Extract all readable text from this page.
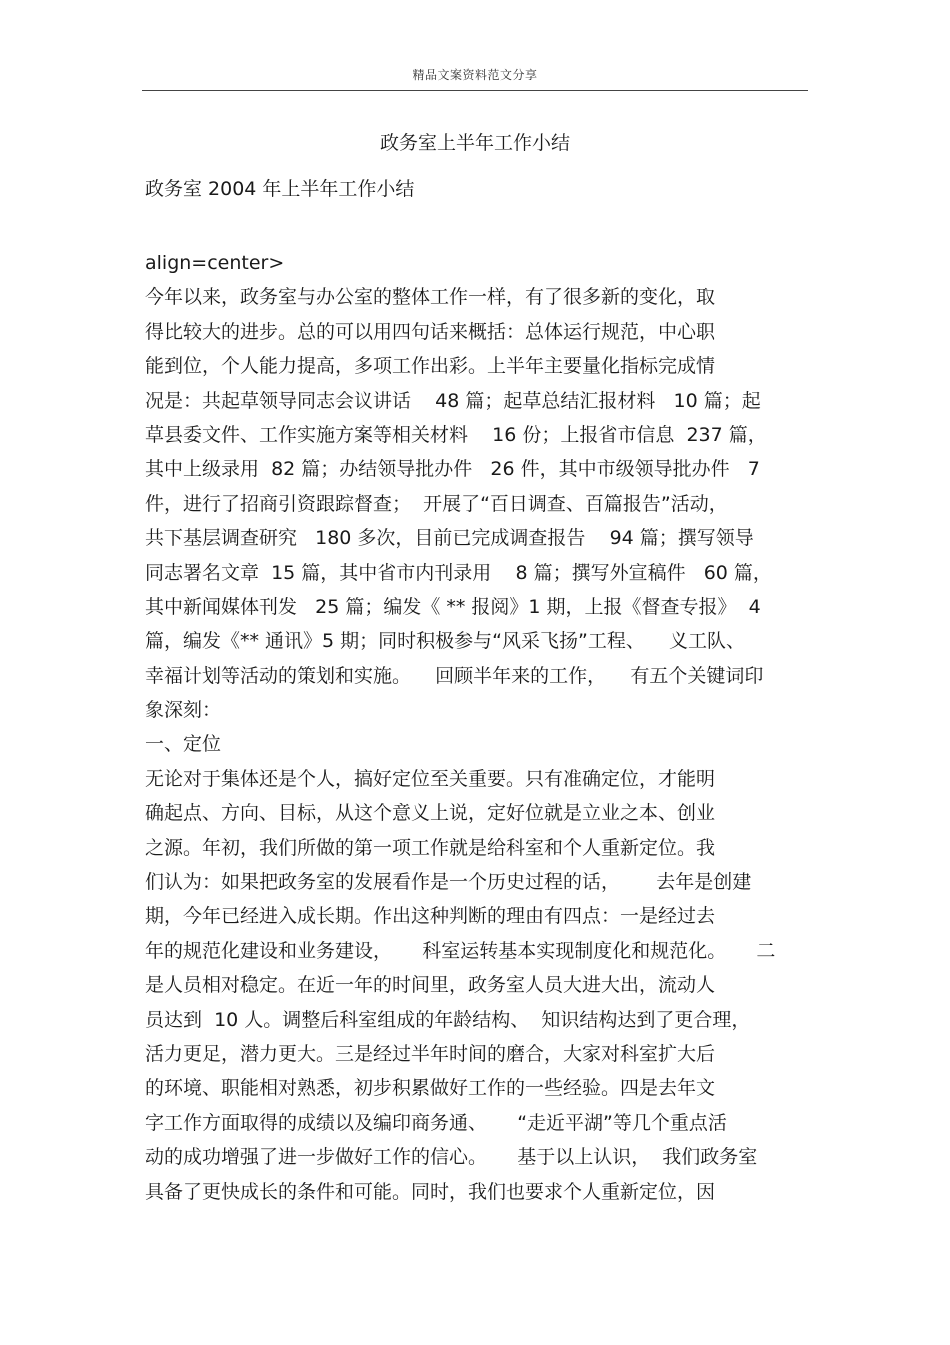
精品文案资料范文分享
政务室上半年工作小结
政务室 2004 年上半年工作小结
align=center>
今年以来，政务室与办公室的整体工作一样，有了很多新的变化，取
得比较大的进步。总的可以用四句话来概括：总体运行规范，中心职
能到位，个人能力提高，多项工作出彩。上半年主要量化指标完成情
况是：共起草领导同志会议讲话    48 篇；起草总结汇报材料   10 篇；起
草县委文件、工作实施方案等相关材料    16 份；上报省市信息  237 篇，
其中上级录用  82 篇；办结领导批办件   26 件，其中市级领导批办件   7
件，进行了招商引资跟踪督查；  开展了“百日调查、百篇报告”活动，
共下基层调查研究   180 多次，目前已完成调查报告    94 篇；撰写领导
同志署名文章  15 篇，其中省市内刊录用    8 篇；撰写外宣稿件   60 篇，
其中新闻媒体刊发   25 篇；编发《 ** 报阅》1 期，上报《督查专报》  4
篇，编发《** 通讯》5 期；同时积极参与“风采飞扬”工程、    义工队、
幸福计划等活动的策划和实施。    回顾半年来的工作，    有五个关键词印
象深刻：
一、定位
无论对于集体还是个人，搞好定位至关重要。只有准确定位，才能明
确起点、方向、目标，从这个意义上说，定好位就是立业之本、创业
之源。年初，我们所做的第一项工作就是给科室和个人重新定位。我
们认为：如果把政务室的发展看作是一个历史过程的话，      去年是创建
期，今年已经进入成长期。作出这种判断的理由有四点：一是经过去
年的规范化建设和业务建设，     科室运转基本实现制度化和规范化。     二
是人员相对稳定。在近一年的时间里，政务室人员大进大出，流动人
员达到  10 人。调整后科室组成的年龄结构、  知识结构达到了更合理，
活力更足，潜力更大。三是经过半年时间的磨合，大家对科室扩大后
的环境、职能相对熟悉，初步积累做好工作的一些经验。四是去年文
字工作方面取得的成绩以及编印商务通、     “走近平湖”等几个重点活
动的成功增强了进一步做好工作的信心。     基于以上认识，  我们政务室
具备了更快成长的条件和可能。同时，我们也要求个人重新定位，因
